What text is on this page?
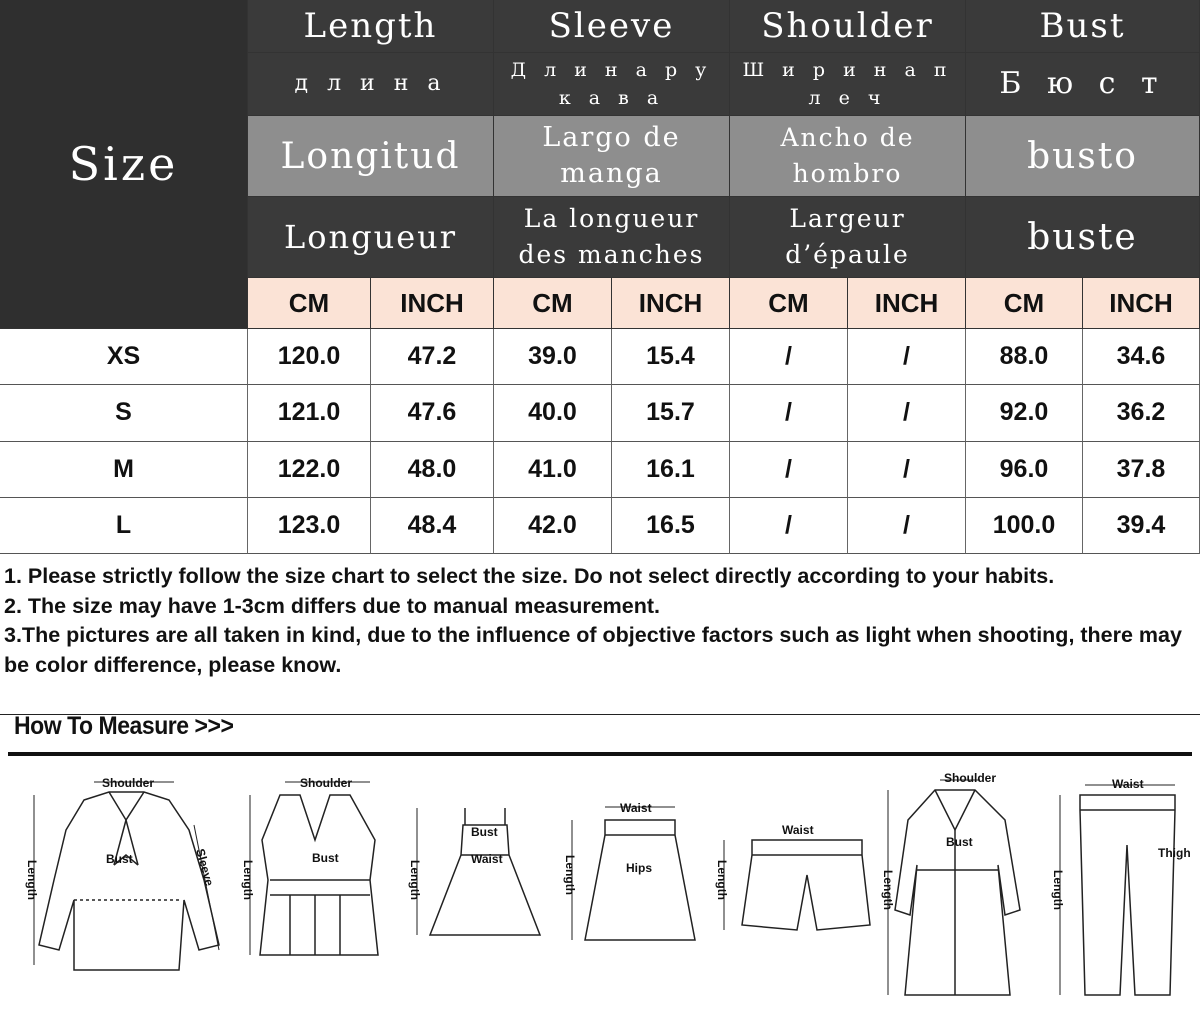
Size
Length
д л и н а
Longitud
Longueur
Sleeve
Д л и н а р у к а в а
Largo de manga
La longueur des manches
Shoulder
Ш и р и н а п л е ч
Ancho de hombro
Largeur d’épaule
Bust
Б ю с т
busto
buste
CM	INCH	CM	INCH	CM	INCH	CM	INCH
XS	120.0	47.2	39.0	15.4	/	/	88.0	34.6
S	121.0	47.6	40.0	15.7	/	/	92.0	36.2
M	122.0	48.0	41.0	16.1	/	/	96.0	37.8
L	123.0	48.4	42.0	16.5	/	/	100.0	39.4

1. Please strictly follow the size chart to select the size. Do not select directly according to your habits.

2. The size may have 1-3cm differs due to manual measurement.

3.The pictures are all taken in kind, due to the influence of objective factors such as light when shooting, there may be color difference, please know.

How To Measure >>>
Shoulder
Bust	Sleeve
Length
Shoulder
Bust
Length
Bust
Waist
Length
Waist
Hips
Length
Waist
Length
Shoulder
Bust
Length
Waist
Thigh
Length
